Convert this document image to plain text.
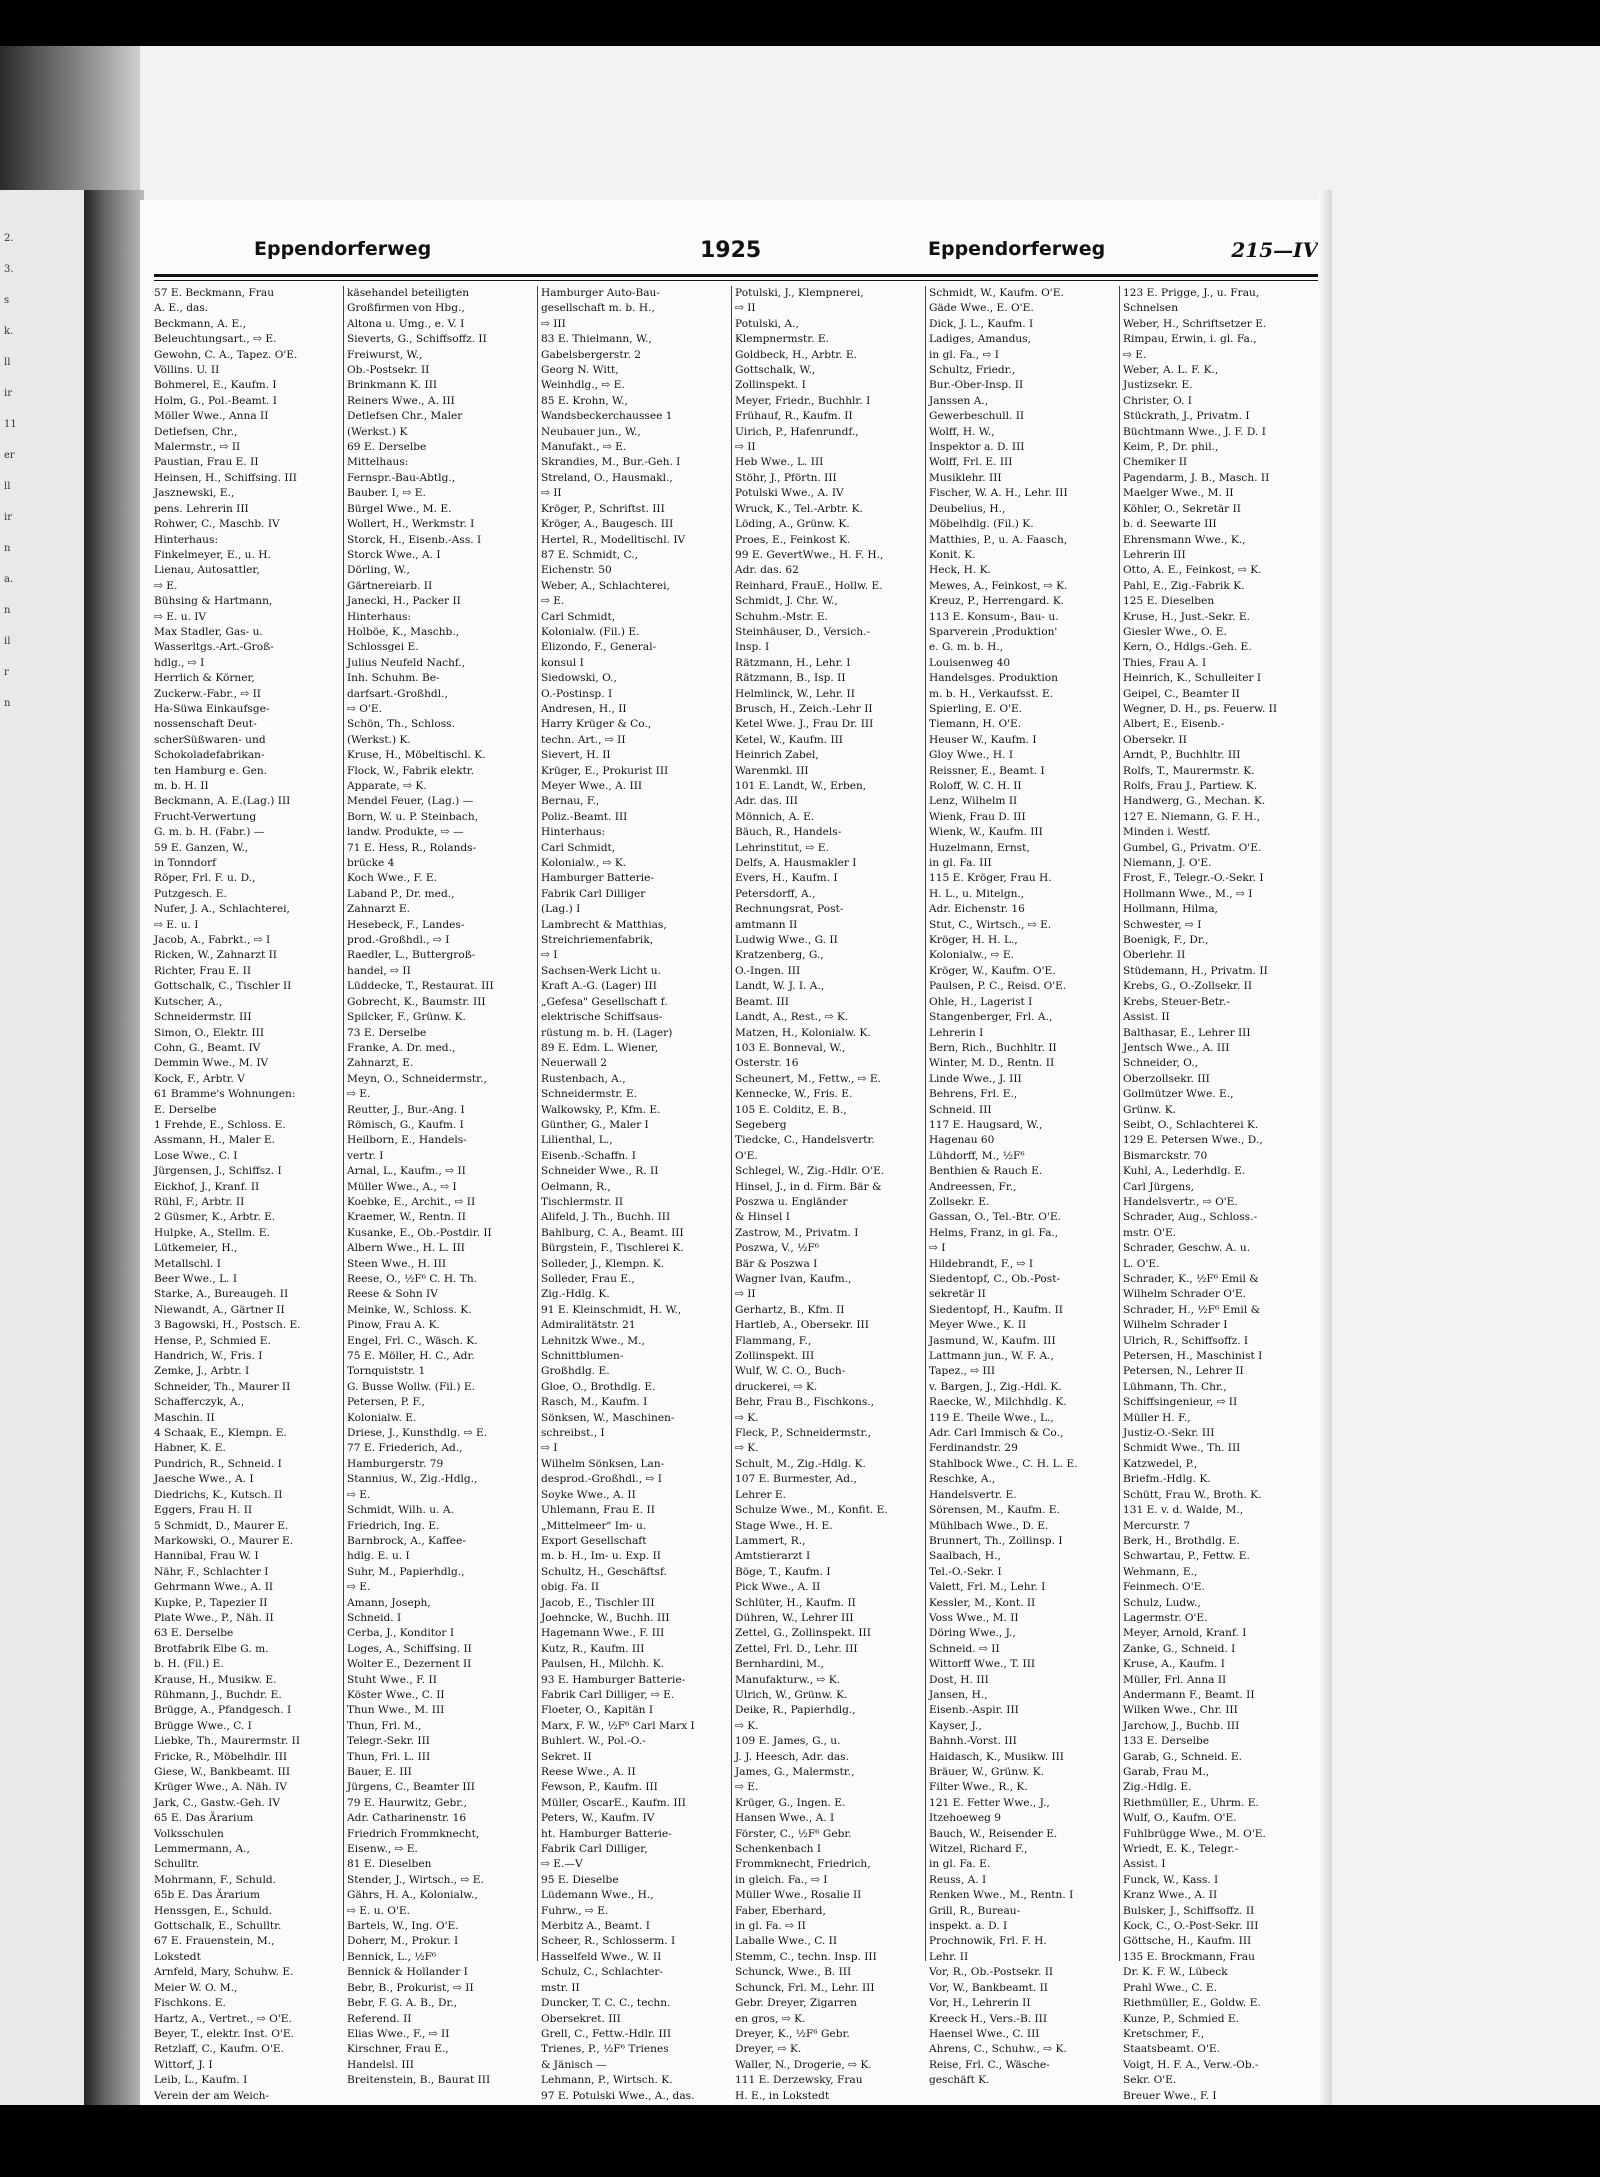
2.
3.
s
k.
ll
ir
11
er
ll
ir
n
a.
n
il
r
n
Eppendorferweg	1925	Eppendorferweg	215—IV
57 E. Beckmann, Frau
A. E., das.
Beckmann, A. E.,
Beleuchtungsart., ⇨ E.
Gewohn, C. A., Tapez. O'E.
Völlins. U. II
Bohmerel, E., Kaufm. I
Holm, G., Pol.-Beamt. I
Möller Wwe., Anna II
Detlefsen, Chr.,
Malermstr., ⇨ II
Paustian, Frau E. II
Heinsen, H., Schiffsing. III
Jasznewski, E.,
pens. Lehrerin III
Rohwer, C., Maschb. IV
Hinterhaus:
Finkelmeyer, E., u. H.
Lienau, Autosattler,
⇨ E.
Bühsing & Hartmann,
⇨ E. u. IV
Max Stadler, Gas- u.
Wasserltgs.-Art.-Groß-
hdlg., ⇨ I
Herrlich & Körner,
Zuckerw.-Fabr., ⇨ II
Ha-Süwa Einkaufsge-
nossenschaft Deut-
scherSüßwaren- und
Schokoladefabrikan-
ten Hamburg e. Gen.
m. b. H. II
Beckmann, A. E.(Lag.) III
Frucht-Verwertung
G. m. b. H. (Fabr.) —
59 E. Ganzen, W.,
in Tonndorf
Röper, Frl. F. u. D.,
Putzgesch. E.
Nufer, J. A., Schlachterei,
⇨ E. u. I
Jacob, A., Fabrkt., ⇨ I
Ricken, W., Zahnarzt II
Richter, Frau E. II
Gottschalk, C., Tischler II
Kutscher, A.,
Schneidermstr. III
Simon, O., Elektr. III
Cohn, G., Beamt. IV
Demmin Wwe., M. IV
Kock, F., Arbtr. V
61 Bramme's Wohnungen:
E. Derselbe
1 Frehde, E., Schloss. E.
Assmann, H., Maler E.
Lose Wwe., C. I
Jürgensen, J., Schiffsz. I
Eickhof, J., Kranf. II
Rühl, F., Arbtr. II
2 Güsmer, K., Arbtr. E.
Hulpke, A., Stellm. E.
Lütkemeier, H.,
Metallschl. I
Beer Wwe., L. I
Starke, A., Bureaugeh. II
Niewandt, A., Gärtner II
3 Bagowski, H., Postsch. E.
Hense, P., Schmied E.
Handrich, W., Fris. I
Zemke, J., Arbtr. I
Schneider, Th., Maurer II
Schafferczyk, A.,
Maschin. II
4 Schaak, E., Klempn. E.
Habner, K. E.
Pundrich, R., Schneid. I
Jaesche Wwe., A. I
Diedrichs, K., Kutsch. II
Eggers, Frau H. II
5 Schmidt, D., Maurer E.
Markowski, O., Maurer E.
Hannibal, Frau W. I
Nähr, F., Schlachter I
Gehrmann Wwe., A. II
Kupke, P., Tapezier II
Plate Wwe., P., Näh. II
63 E. Derselbe
Brotfabrik Elbe G. m.
b. H. (Fil.) E.
Krause, H., Musikw. E.
Rühmann, J., Buchdr. E.
Brügge, A., Pfandgesch. I
Brügge Wwe., C. I
Liebke, Th., Maurermstr. II
Fricke, R., Möbelhdlr. III
Giese, W., Bankbeamt. III
Krüger Wwe., A. Näh. IV
Jark, C., Gastw.-Geh. IV
65 E. Das Ärarium
Volksschulen
Lemmermann, A.,
Schulltr.
Mohrmann, F., Schuld.
65b E. Das Ärarium
Henssgen, E., Schuld.
Gottschalk, E., Schulltr.
67 E. Frauenstein, M.,
Lokstedt
Arnfeld, Mary, Schuhw. E.
Meier W. O. M.,
Fischkons. E.
Hartz, A., Vertret., ⇨ O'E.
Beyer, T., elektr. Inst. O'E.
Retzlaff, C., Kaufm. O'E.
Wittorf, J. I
Leib, L., Kaufm. I
Verein der am Weich-
käsehandel beteiligten
Großfirmen von Hbg.,
Altona u. Umg., e. V. I
Sieverts, G., Schiffsoffz. II
Freiwurst, W.,
Ob.-Postsekr. II
Brinkmann K. III
Reiners Wwe., A. III
Detlefsen Chr., Maler
(Werkst.) K
69 E. Derselbe
Mittelhaus:
Fernspr.-Bau-Abtlg.,
Bauber. I, ⇨ E.
Bürgel Wwe., M. E.
Wollert, H., Werkmstr. I
Storck, H., Eisenb.-Ass. I
Storck Wwe., A. I
Dörling, W.,
Gärtnereiarb. II
Janecki, H., Packer II
Hinterhaus:
Holböe, K., Maschb.,
Schlossgei E.
Julius Neufeld Nachf.,
Inh. Schuhm. Be-
darfsart.-Großhdl.,
⇨ O'E.
Schön, Th., Schloss.
(Werkst.) K.
Kruse, H., Möbeltischl. K.
Flock, W., Fabrik elektr.
Apparate, ⇨ K.
Mendel Feuer, (Lag.) —
Born, W. u. P. Steinbach,
landw. Produkte, ⇨ —
71 E. Hess, R., Rolands-
brücke 4
Koch Wwe., F. E.
Laband P., Dr. med.,
Zahnarzt E.
Hesebeck, F., Landes-
prod.-Großhdl., ⇨ I
Raedler, L., Buttergroß-
handel, ⇨ II
Lüddecke, T., Restaurat. III
Gobrecht, K., Baumstr. III
Spilcker, F., Grünw. K.
73 E. Derselbe
Franke, A. Dr. med.,
Zahnarzt, E.
Meyn, O., Schneidermstr.,
⇨ E.
Reutter, J., Bur.-Ang. I
Römisch, G., Kaufm. I
Heilborn, E., Handels-
vertr. I
Arnal, L., Kaufm., ⇨ II
Müller Wwe., A., ⇨ I
Koebke, E., Archit., ⇨ II
Kraemer, W., Rentn. II
Kusanke, E., Ob.-Postdir. II
Albern Wwe., H. L. III
Steen Wwe., H. III
Reese, O., ½F⁶ C. H. Th.
Reese & Sohn IV
Meinke, W., Schloss. K.
Pinow, Frau A. K.
Engel, Frl. C., Wäsch. K.
75 E. Möller, H. C., Adr.
Tornquiststr. 1
G. Busse Wollw. (Fil.) E.
Petersen, P. F.,
Kolonialw. E.
Driese, J., Kunsthdlg. ⇨ E.
77 E. Friederich, Ad.,
Hamburgerstr. 79
Stannius, W., Zig.-Hdlg.,
⇨ E.
Schmidt, Wilh. u. A.
Friedrich, Ing. E.
Barnbrock, A., Kaffee-
hdlg. E. u. I
Suhr, M., Papierhdlg.,
⇨ E.
Amann, Joseph,
Schneid. I
Cerba, J., Konditor I
Loges, A., Schiffsing. II
Wolter E., Dezernent II
Stuht Wwe., F. II
Köster Wwe., C. II
Thun Wwe., M. III
Thun, Frl. M.,
Telegr.-Sekr. III
Thun, Frl. L. III
Bauer, E. III
Jürgens, C., Beamter III
79 E. Haurwitz, Gebr.,
Adr. Catharinenstr. 16
Friedrich Frommknecht,
Eisenw., ⇨ E.
81 E. Dieselben
Stender, J., Wirtsch., ⇨ E.
Gährs, H. A., Kolonialw.,
⇨ E. u. O'E.
Bartels, W., Ing. O'E.
Doherr, M., Prokur. I
Bennick, L., ½F⁶
Bennick & Hollander I
Bebr, B., Prokurist, ⇨ II
Bebr, F. G. A. B., Dr.,
Referend. II
Elias Wwe., F., ⇨ II
Kirschner, Frau E.,
Handelsl. III
Breitenstein, B., Baurat III
Hamburger Auto-Bau-
gesellschaft m. b. H.,
⇨ III
83 E. Thielmann, W.,
Gabelsbergerstr. 2
Georg N. Witt,
Weinhdlg., ⇨ E.
85 E. Krohn, W.,
Wandsbeckerchaussee 1
Neubauer jun., W.,
Manufakt., ⇨ E.
Skrandies, M., Bur.-Geh. I
Streland, O., Hausmakl.,
⇨ II
Kröger, P., Schriftst. III
Kröger, A., Baugesch. III
Hertel, R., Modelltischl. IV
87 E. Schmidt, C.,
Eichenstr. 50
Weber, A., Schlachterei,
⇨ E.
Carl Schmidt,
Kolonialw. (Fil.) E.
Elizondo, F., General-
konsul I
Siedowski, O.,
O.-Postinsp. I
Andresen, H., II
Harry Krüger & Co.,
techn. Art., ⇨ II
Sievert, H. II
Krüger, E., Prokurist III
Meyer Wwe., A. III
Bernau, F.,
Poliz.-Beamt. III
Hinterhaus:
Carl Schmidt,
Kolonialw., ⇨ K.
Hamburger Batterie-
Fabrik Carl Dilliger
(Lag.) I
Lambrecht & Matthias,
Streichriemenfabrik,
⇨ I
Sachsen-Werk Licht u.
Kraft A.-G. (Lager) III
„Gefesa" Gesellschaft f.
elektrische Schiffsaus-
rüstung m. b. H. (Lager)
89 E. Edm. L. Wiener,
Neuerwall 2
Rustenbach, A.,
Schneidermstr. E.
Walkowsky, P., Kfm. E.
Günther, G., Maler I
Lilienthal, L.,
Eisenb.-Schaffn. I
Schneider Wwe., R. II
Oelmann, R.,
Tischlermstr. II
Alifeld, J. Th., Buchh. III
Bahlburg, C. A., Beamt. III
Bürgstein, F., Tischlerei K.
Solleder, J., Klempn. K.
Solleder, Frau E.,
Zig.-Hdlg. K.
91 E. Kleinschmidt, H. W.,
Admiralitätstr. 21
Lehnitzk Wwe., M.,
Schnittblumen-
Großhdlg. E.
Gloe, O., Brothdlg. E.
Rasch, M., Kaufm. I
Sönksen, W., Maschinen-
schreibst., I
⇨ I
Wilhelm Sönksen, Lan-
desprod.-Großhdl., ⇨ I
Soyke Wwe., A. II
Uhlemann, Frau E. II
„Mittelmeer" Im- u.
Export Gesellschaft
m. b. H., Im- u. Exp. II
Schultz, H., Geschäftsf.
obig. Fa. II
Jacob, E., Tischler III
Joehncke, W., Buchh. III
Hagemann Wwe., F. III
Kutz, R., Kaufm. III
Paulsen, H., Milchh. K.
93 E. Hamburger Batterie-
Fabrik Carl Dilliger, ⇨ E.
Floeter, O., Kapitän I
Marx, F. W., ½F⁶ Carl Marx I
Buhlert. W., Pol.-O.-
Sekret. II
Reese Wwe., A. II
Fewson, P., Kaufm. III
Müller, OscarE., Kaufm. III
Peters, W., Kaufm. IV
ht. Hamburger Batterie-
Fabrik Carl Dilliger,
⇨ E.—V
95 E. Dieselbe
Lüdemann Wwe., H.,
Fuhrw., ⇨ E.
Merbitz A., Beamt. I
Scheer, R., Schlosserm. I
Hasselfeld Wwe., W. II
Schulz, C., Schlachter-
mstr. II
Duncker, T. C. C., techn.
Obersekret. III
Grell, C., Fettw.-Hdlr. III
Trienes, P., ½F⁶ Trienes
& Jänisch —
Lehmann, P., Wirtsch. K.
97 E. Potulski Wwe., A., das.
Potulski, J., Klempnerei,
⇨ II
Potulski, A.,
Klempnermstr. E.
Goldbeck, H., Arbtr. E.
Gottschalk, W.,
Zollinspekt. I
Meyer, Friedr., Buchhlr. I
Frühauf, R., Kaufm. II
Uirich, P., Hafenrundf.,
⇨ II
Heb Wwe., L. III
Stöhr, J., Pförtn. III
Potulski Wwe., A. IV
Wruck, K., Tel.-Arbtr. K.
Löding, A., Grünw. K.
Proes, E., Feinkost K.
99 E. GevertWwe., H. F. H.,
Adr. das. 62
Reinhard, FrauE., Hollw. E.
Schmidt, J. Chr. W.,
Schuhm.-Mstr. E.
Steinhäuser, D., Versich.-
Insp. I
Rätzmann, H., Lehr. I
Rätzmann, B., Isp. II
Helmlinck, W., Lehr. II
Brusch, H., Zeich.-Lehr II
Ketel Wwe. J., Frau Dr. III
Ketel, W., Kaufm. III
Heinrich Zabel,
Warenmkl. III
101 E. Landt, W., Erben,
Adr. das. III
Mönnich, A. E.
Bäuch, R., Handels-
Lehrinstitut, ⇨ E.
Delfs, A. Hausmakler I
Evers, H., Kaufm. I
Petersdorff, A.,
Rechnungsrat, Post-
amtmann II
Ludwig Wwe., G. II
Kratzenberg, G.,
O.-Ingen. III
Landt, W. J. I. A.,
Beamt. III
Landt, A., Rest., ⇨ K.
Matzen, H., Kolonialw. K.
103 E. Bonneval, W.,
Osterstr. 16
Scheunert, M., Fettw., ⇨ E.
Kennecke, W., Fris. E.
105 E. Colditz, E. B.,
Segeberg
Tiedcke, C., Handelsvertr.
O'E.
Schlegel, W., Zig.-Hdlr. O'E.
Hinsel, J., in d. Firm. Bär &
Poszwa u. Engländer
& Hinsel I
Zastrow, M., Privatm. I
Poszwa, V., ½F⁶
Bär & Poszwa I
Wagner Ivan, Kaufm.,
⇨ II
Gerhartz, B., Kfm. II
Hartleb, A., Obersekr. III
Flammang, F.,
Zollinspekt. III
Wulf, W. C. O., Buch-
druckerei, ⇨ K.
Behr, Frau B., Fischkons.,
⇨ K.
Fleck, P., Schneidermstr.,
⇨ K.
Schult, M., Zig.-Hdlg. K.
107 E. Burmester, Ad.,
Lehrer E.
Schulze Wwe., M., Konfit. E.
Stage Wwe., H. E.
Lammert, R.,
Amtstierarzt I
Böge, T., Kaufm. I
Pick Wwe., A. II
Schlüter, H., Kaufm. II
Dühren, W., Lehrer III
Zettel, G., Zollinspekt. III
Zettel, Frl. D., Lehr. III
Bernhardini, M.,
Manufakturw., ⇨ K.
Ulrich, W., Grünw. K.
Deike, R., Papierhdlg.,
⇨ K.
109 E. James, G., u.
J. J. Heesch, Adr. das.
James, G., Malermstr.,
⇨ E.
Krüger, G., Ingen. E.
Hansen Wwe., A. I
Förster, C., ½F⁶ Gebr.
Schenkenbach I
Frommknecht, Friedrich,
in gleich. Fa., ⇨ I
Müller Wwe., Rosalie II
Faber, Eberhard,
in gl. Fa. ⇨ II
Laballe Wwe., C. II
Stemm, C., techn. Insp. III
Schunck, Wwe., B. III
Schunck, Frl. M., Lehr. III
Gebr. Dreyer, Zigarren
en gros, ⇨ K.
Dreyer, K., ½F⁶ Gebr.
Dreyer, ⇨ K.
Waller, N., Drogerie, ⇨ K.
111 E. Derzewsky, Frau
H. E., in Lokstedt
Schmidt, W., Kaufm. O'E.
Gäde Wwe., E. O'E.
Dick, J. L., Kaufm. I
Ladiges, Amandus,
in gl. Fa., ⇨ I
Schultz, Friedr.,
Bur.-Ober-Insp. II
Janssen A.,
Gewerbeschull. II
Wolff, H. W.,
Inspektor a. D. III
Wolff, Frl. E. III
Musiklehr. III
Fischer, W. A. H., Lehr. III
Deubelius, H.,
Möbelhdlg. (Fil.) K.
Matthies, P., u. A. Faasch,
Konit. K.
Heck, H. K.
Mewes, A., Feinkost, ⇨ K.
Kreuz, P., Herrengard. K.
113 E. Konsum-, Bau- u.
Sparverein ,Produktion'
e. G. m. b. H.,
Louisenweg 40
Handelsges. Produktion
m. b. H., Verkaufsst. E.
Spierling, E. O'E.
Tiemann, H. O'E.
Heuser W., Kaufm. I
Gloy Wwe., H. I
Reissner, E., Beamt. I
Roloff, W. C. H. II
Lenz, Wilhelm II
Wienk, Frau D. III
Wienk, W., Kaufm. III
Huzelmann, Ernst,
in gl. Fa. III
115 E. Kröger, Frau H.
H. L., u. Mitelgn.,
Adr. Eichenstr. 16
Stut, C., Wirtsch., ⇨ E.
Kröger, H. H. L.,
Kolonialw., ⇨ E.
Kröger, W., Kaufm. O'E.
Paulsen, P. C., Reisd. O'E.
Ohle, H., Lagerist I
Stangenberger, Frl. A.,
Lehrerin I
Bern, Rich., Buchhltr. II
Winter, M. D., Rentn. II
Linde Wwe., J. III
Behrens, Frl. E.,
Schneid. III
117 E. Haugsard, W.,
Hagenau 60
Lühdorff, M., ½F⁶
Benthien & Rauch E.
Andreessen, Fr.,
Zollsekr. E.
Gassan, O., Tel.-Btr. O'E.
Helms, Franz, in gl. Fa.,
⇨ I
Hildebrandt, F., ⇨ I
Siedentopf, C., Ob.-Post-
sekretär II
Siedentopf, H., Kaufm. II
Meyer Wwe., K. II
Jasmund, W., Kaufm. III
Lattmann jun., W. F. A.,
Tapez., ⇨ III
v. Bargen, J., Zig.-Hdl. K.
Raecke, W., Milchhdlg. K.
119 E. Theile Wwe., L.,
Adr. Carl Immisch & Co.,
Ferdinandstr. 29
Stahlbock Wwe., C. H. L. E.
Reschke, A.,
Handelsvertr. E.
Sörensen, M., Kaufm. E.
Mühlbach Wwe., D. E.
Brunnert, Th., Zollinsp. I
Saalbach, H.,
Tel.-O.-Sekr. I
Valett, Frl. M., Lehr. I
Kessler, M., Kont. II
Voss Wwe., M. II
Döring Wwe., J.,
Schneid. ⇨ II
Wittorff Wwe., T. III
Dost, H. III
Jansen, H.,
Eisenb.-Aspir. III
Kayser, J.,
Bahnh.-Vorst. III
Haidasch, K., Musikw. III
Bräuer, W., Grünw. K.
Filter Wwe., R., K.
121 E. Fetter Wwe., J.,
Itzehoeweg 9
Bauch, W., Reisender E.
Witzel, Richard F.,
in gl. Fa. E.
Reuss, A. I
Renken Wwe., M., Rentn. I
Grill, R., Bureau-
inspekt. a. D. I
Prochnowik, Frl. F. H.
Lehr. II
Vor, R., Ob.-Postsekr. II
Vor, W., Bankbeamt. II
Vor, H., Lehrerin II
Kreeck H., Vers.-B. III
Haensel Wwe., C. III
Ahrens, C., Schuhw., ⇨ K.
Reise, Frl. C., Wäsche-
geschäft K.
123 E. Prigge, J., u. Frau,
Schnelsen
Weber, H., Schriftsetzer E.
Rimpau, Erwin, i. gl. Fa.,
⇨ E.
Weber, A. L. F. K.,
Justizsekr. E.
Christer, O. I
Stückrath, J., Privatm. I
Büchtmann Wwe., J. F. D. I
Keim, P., Dr. phil.,
Chemiker II
Pagendarm, J. B., Masch. II
Maelger Wwe., M. II
Köhler, O., Sekretär II
b. d. Seewarte III
Ehrensmann Wwe., K.,
Lehrerin III
Otto, A. E., Feinkost, ⇨ K.
Pahl, E., Zig.-Fabrik K.
125 E. Dieselben
Kruse, H., Just.-Sekr. E.
Giesler Wwe., O. E.
Kern, O., Hdlgs.-Geh. E.
Thies, Frau A. I
Heinrich, K., Schulleiter I
Geipel, C., Beamter II
Wegner, D. H., ps. Feuerw. II
Albert, E., Eisenb.-
Obersekr. II
Arndt, P., Buchhltr. III
Rolfs, T., Maurermstr. K.
Rolfs, Frau J., Partiew. K.
Handwerg, G., Mechan. K.
127 E. Niemann, G. F. H.,
Minden i. Westf.
Gumbel, G., Privatm. O'E.
Niemann, J. O'E.
Frost, F., Telegr.-O.-Sekr. I
Hollmann Wwe., M., ⇨ I
Hollmann, Hilma,
Schwester, ⇨ I
Boenigk, F., Dr.,
Oberlehr. II
Stüdemann, H., Privatm. II
Krebs, G., O.-Zollsekr. II
Krebs, Steuer-Betr.-
Assist. II
Balthasar, E., Lehrer III
Jentsch Wwe., A. III
Schneider, O.,
Oberzollsekr. III
Gollmützer Wwe. E.,
Grünw. K.
Seibt, O., Schlachterei K.
129 E. Petersen Wwe., D.,
Bismarckstr. 70
Kuhl, A., Lederhdlg. E.
Carl Jürgens,
Handelsvertr., ⇨ O'E.
Schrader, Aug., Schloss.-
mstr. O'E.
Schrader, Geschw. A. u.
L. O'E.
Schrader, K., ½F⁶ Emil &
Wilhelm Schrader O'E.
Schrader, H., ½F⁶ Emil &
Wilhelm Schrader I
Ulrich, R., Schiffsoffz. I
Petersen, H., Maschinist I
Petersen, N., Lehrer II
Lühmann, Th. Chr.,
Schiffsingenieur, ⇨ II
Müller H. F.,
Justiz-O.-Sekr. III
Schmidt Wwe., Th. III
Katzwedel, P.,
Briefm.-Hdlg. K.
Schütt, Frau W., Broth. K.
131 E. v. d. Walde, M.,
Mercurstr. 7
Berk, H., Brothdlg. E.
Schwartau, P., Fettw. E.
Wehmann, E.,
Feinmech. O'E.
Schulz, Ludw.,
Lagermstr. O'E.
Meyer, Arnold, Kranf. I
Zanke, G., Schneid. I
Kruse, A., Kaufm. I
Müller, Frl. Anna II
Andermann F., Beamt. II
Wilken Wwe., Chr. III
Jarchow, J., Buchb. III
133 E. Derselbe
Garab, G., Schneid. E.
Garab, Frau M.,
Zig.-Hdlg. E.
Riethmüller, E., Uhrm. E.
Wulf, O., Kaufm. O'E.
Fuhlbrügge Wwe., M. O'E.
Wriedt, E. K., Telegr.-
Assist. I
Funck, W., Kass. I
Kranz Wwe., A. II
Bulsker, J., Schiffsoffz. II
Kock, C., O.-Post-Sekr. III
Göttsche, H., Kaufm. III
135 E. Brockmann, Frau
Dr. K. F. W., Lübeck
Prahl Wwe., C. E.
Riethmüller, E., Goldw. E.
Kunze, P., Schmied E.
Kretschmer, F.,
Staatsbeamt. O'E.
Voigt, H. F. A., Verw.-Ob.-
Sekr. O'E.
Breuer Wwe., F. I
